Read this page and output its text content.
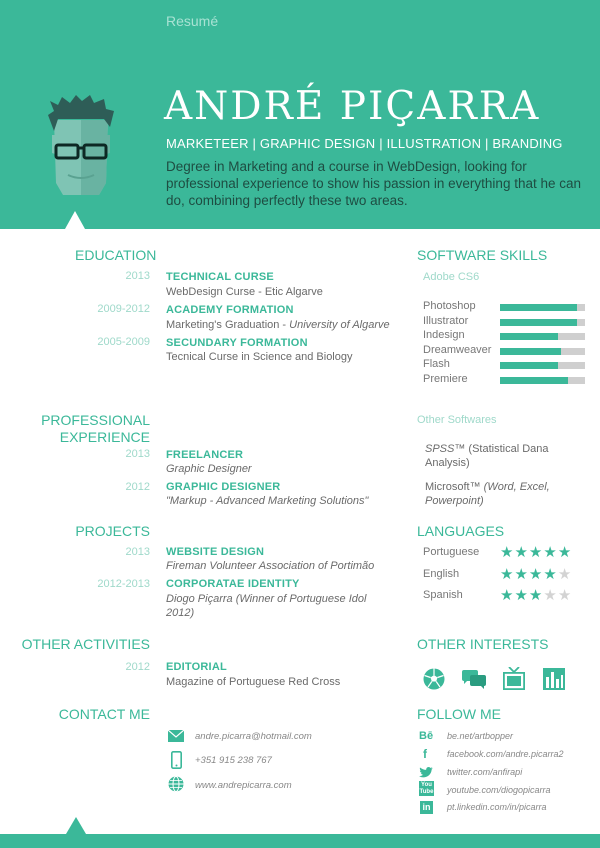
Resumé
ANDRÉ PIÇARRA
MARKETEER | GRAPHIC DESIGN | ILLUSTRATION | BRANDING
Degree in Marketing and a course in WebDesign, looking for professional experience to show his passion in everything that he can do, combining perfectly these two areas.
EDUCATION
2013 TECHNICAL CURSE
WebDesign Curse - Etic Algarve
2009-2012 ACADEMY FORMATION
Marketing's Graduation - University of Algarve
2005-2009 SECUNDARY FORMATION
Tecnical Curse in Science and Biology
PROFESSIONAL
EXPERIENCE
2013 FREELANCER
Graphic Designer
2012 GRAPHIC DESIGNER
"Markup - Advanced Marketing Solutions"
PROJECTS
2013 WEBSITE DESIGN
Fireman Volunteer Association of Portimão
2012-2013 CORPORATAE IDENTITY
Diogo Piçarra (Winner of Portuguese Idol
2012)
OTHER ACTIVITIES
2012 EDITORIAL
Magazine of Portuguese Red Cross
CONTACT ME
andre.picarra@hotmail.com
+351 915 238 767
www.andrepicarra.com
SOFTWARE SKILLS
Adobe CS6
Photoshop
Illustrator
Indesign
Dreamweaver
Flash
Premiere
Other Softwares
SPSS™ (Statistical Dana
Analysis)
Microsoft™ (Word, Excel,
Powerpoint)
LANGUAGES
Portuguese ★★★★★
English	★★★★★
Spanish ★★★★★
OTHER INTERESTS
FOLLOW ME
Bē be.net/artbopper
f facebook.com/andre.picarra2
twitter.com/anfirapi
You
Tube youtube.com/diogopicarra
in pt.linkedin.com/in/picarra
